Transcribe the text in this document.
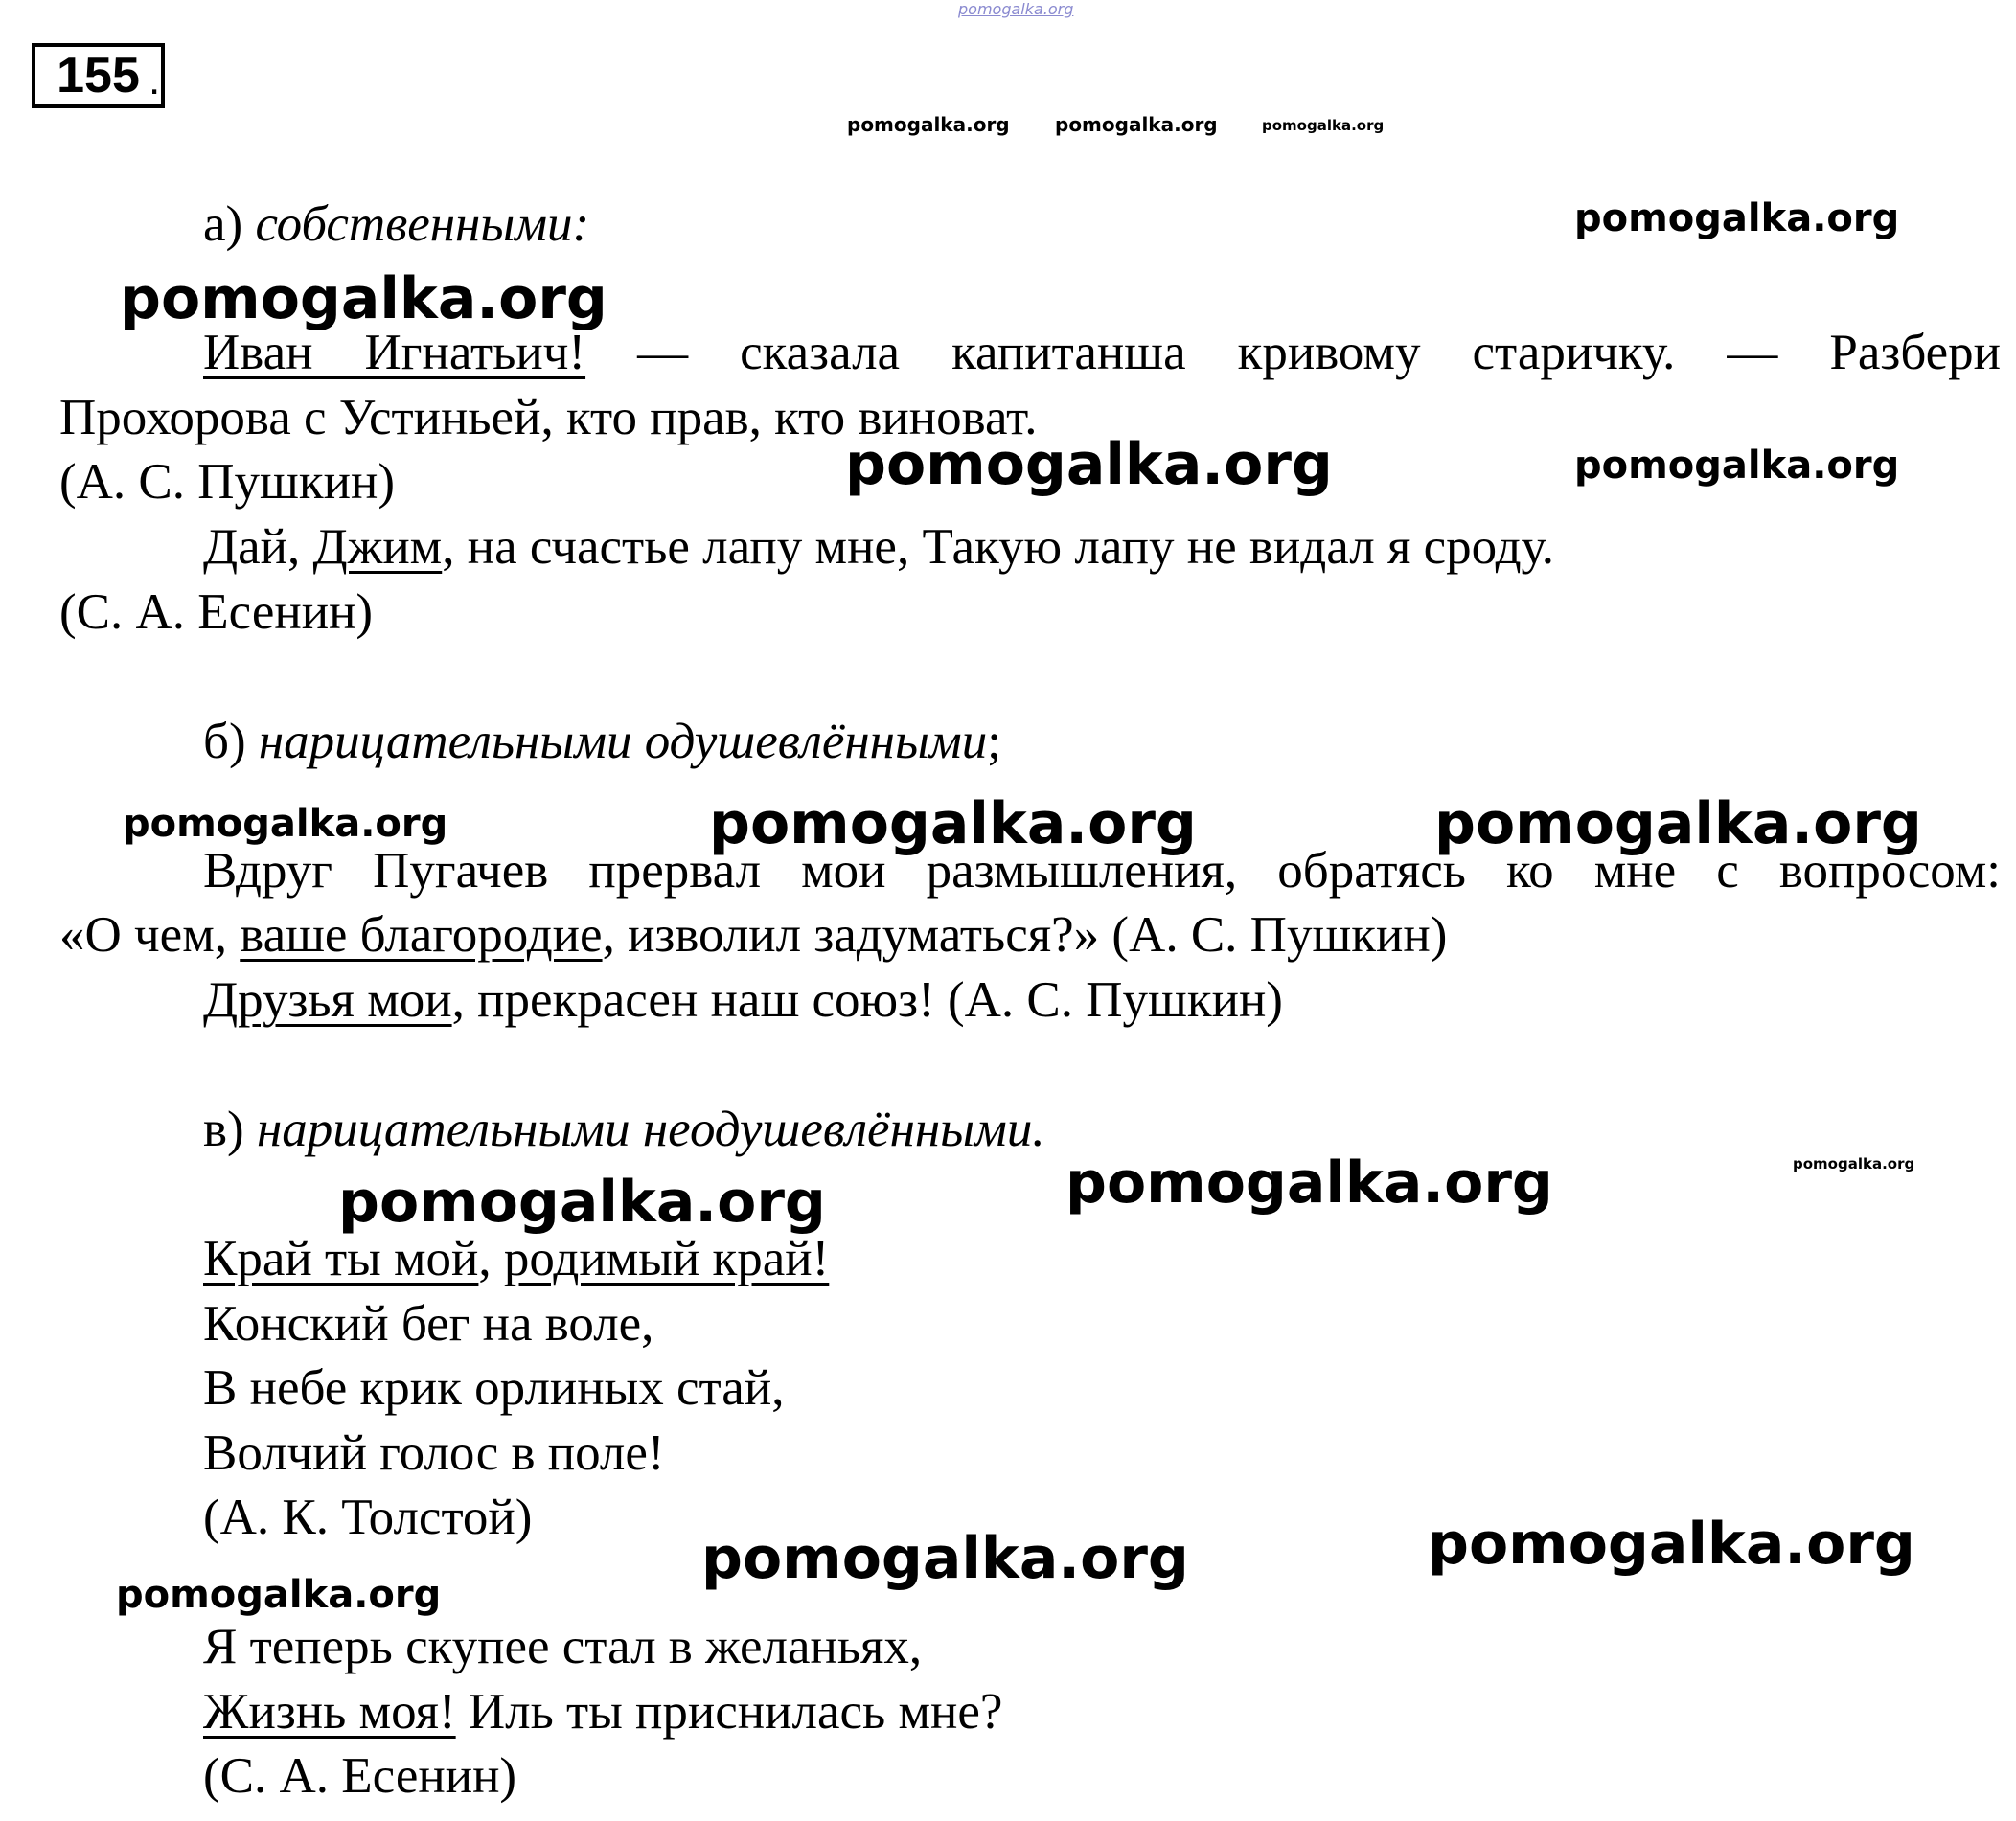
pomogalka.org
155 .
pomogalka.org pomogalka.org	pomogalka.org
pomogalka.org
pomogalka.org
pomogalka.org	pomogalka.org
pomogalka.org	pomogalka.org	pomogalka.org
pomogalka.org
pomogalka.org
pomogalka.org
pomogalka.org	pomogalka.org
pomogalka.org

а) собственными:

Иван Игнатьич! — сказала капитанша кривому старичку. — Разбери

Прохорова с Устиньей, кто прав, кто виноват.

(А. С. Пушкин)

Дай, Джим, на счастье лапу мне, Такую лапу не видал я сроду.

(С. А. Есенин)

б) нарицательными одушевлёнными;

Вдруг Пугачев прервал мои размышления, обратясь ко мне с вопросом:

«О чем, ваше благородие, изволил задуматься?» (А. С. Пушкин)

Друзья мои, прекрасен наш союз! (А. С. Пушкин)

в) нарицательными неодушевлёнными.

Край ты мой, родимый край!

Конский бег на воле,

В небе крик орлиных стай,

Волчий голос в поле!

(А. К. Толстой)

Я теперь скупее стал в желаньях,

Жизнь моя! Иль ты приснилась мне?

(С. А. Есенин)
